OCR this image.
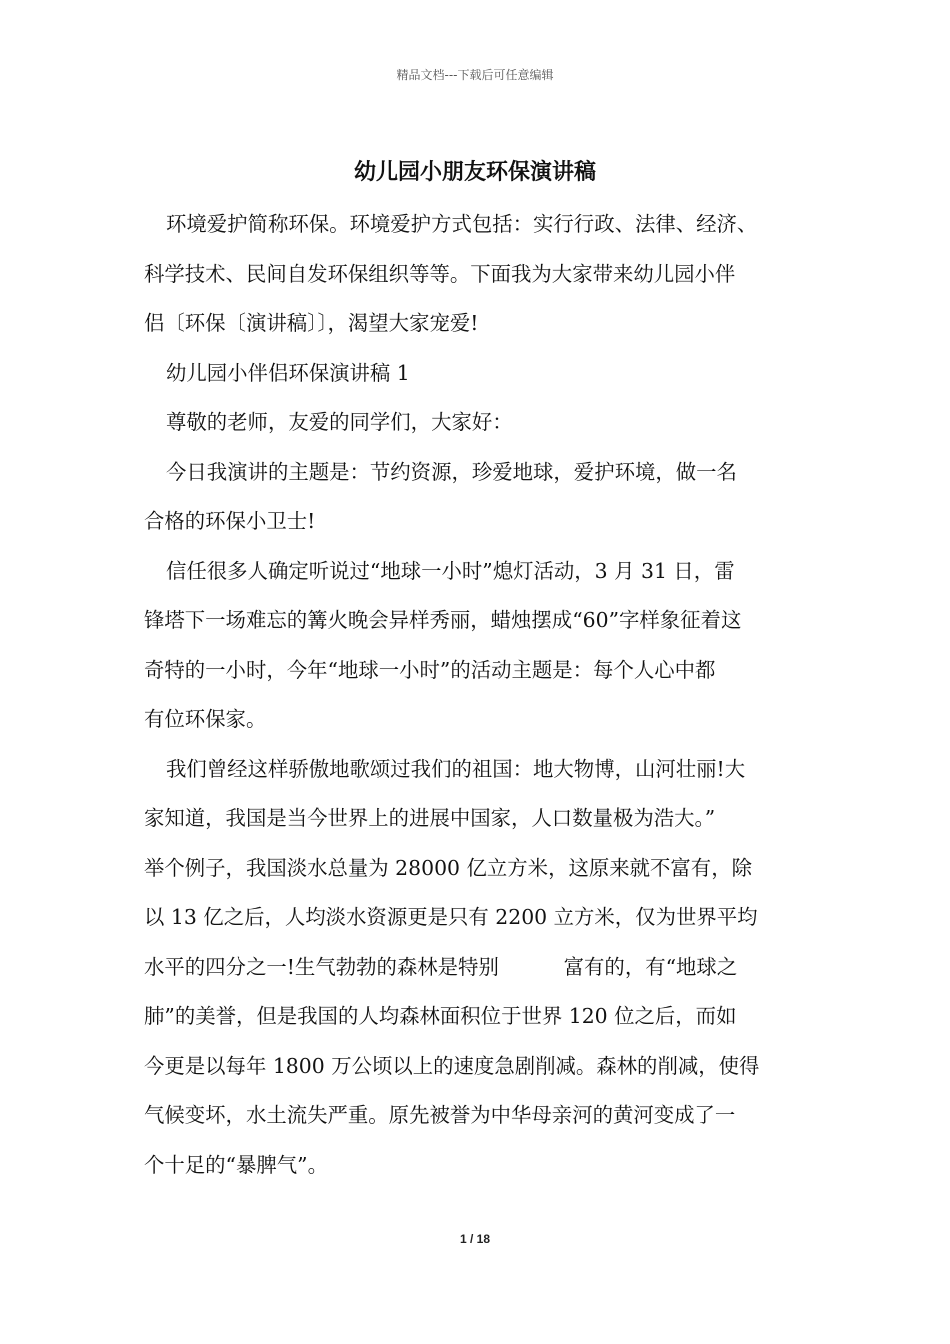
精品文档---下载后可任意编辑
幼儿园小朋友环保演讲稿
环境爱护简称环保。环境爱护方式包括：实行行政、法律、经济、
科学技术、民间自发环保组织等等。下面我为大家带来幼儿园小伴
侣〔环保〔演讲稿〕〕，渴望大家宠爱!
幼儿园小伴侣环保演讲稿 1
尊敬的老师，友爱的同学们，大家好：
今日我演讲的主题是：节约资源，珍爱地球，爱护环境，做一名
合格的环保小卫士!
信任很多人确定听说过“地球一小时”熄灯活动，3 月 31 日，雷
锋塔下一场难忘的篝火晚会异样秀丽，蜡烛摆成“60”字样象征着这
奇特的一小时，今年“地球一小时”的活动主题是：每个人心中都
有位环保家。
我们曾经这样骄傲地歌颂过我们的祖国：地大物博，山河壮丽!大
家知道，我国是当今世界上的进展中国家，人口数量极为浩大。”
举个例子，我国淡水总量为 28000 亿立方米，这原来就不富有，除
以 13 亿之后，人均淡水资源更是只有 2200 立方米，仅为世界平均
水平的四分之一!生气勃勃的森林是特别          富有的，有“地球之
肺”的美誉，但是我国的人均森林面积位于世界 120 位之后，而如
今更是以每年 1800 万公顷以上的速度急剧削减。森林的削减，使得
气候变坏，水土流失严重。原先被誉为中华母亲河的黄河变成了一
个十足的“暴脾气”。
1 / 18
